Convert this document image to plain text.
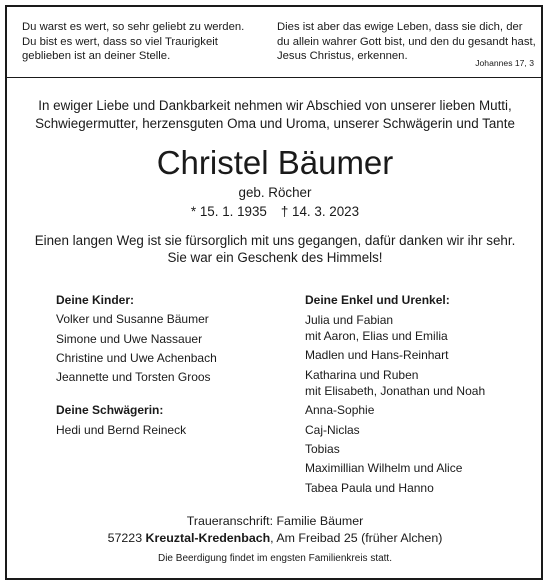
Du warst es wert, so sehr geliebt zu werden.
Du bist es wert, dass so viel Traurigkeit
geblieben ist an deiner Stelle.
Dies ist aber das ewige Leben, dass sie dich, der
du allein wahrer Gott bist, und den du gesandt hast,
Jesus Christus, erkennen.
Johannes 17, 3
In ewiger Liebe und Dankbarkeit nehmen wir Abschied von unserer lieben Mutti,
Schwiegermutter, herzensguten Oma und Uroma, unserer Schwägerin und Tante
Christel Bäumer
geb. Röcher
* 15. 1. 1935 † 14. 3. 2023
Einen langen Weg ist sie fürsorglich mit uns gegangen, dafür danken wir ihr sehr.
Sie war ein Geschenk des Himmels!
Deine Kinder:
Volker und Susanne Bäumer
Simone und Uwe Nassauer
Christine und Uwe Achenbach
Jeannette und Torsten Groos
Deine Schwägerin:
Hedi und Bernd Reineck
Deine Enkel und Urenkel:
Julia und Fabian
mit Aaron, Elias und Emilia
Madlen und Hans-Reinhart
Katharina und Ruben
mit Elisabeth, Jonathan und Noah
Anna-Sophie
Caj-Niclas
Tobias
Maximillian Wilhelm und Alice
Tabea Paula und Hanno
Traueranschrift: Familie Bäumer
57223 Kreuztal-Kredenbach, Am Freibad 25 (früher Alchen)
Die Beerdigung findet im engsten Familienkreis statt.
